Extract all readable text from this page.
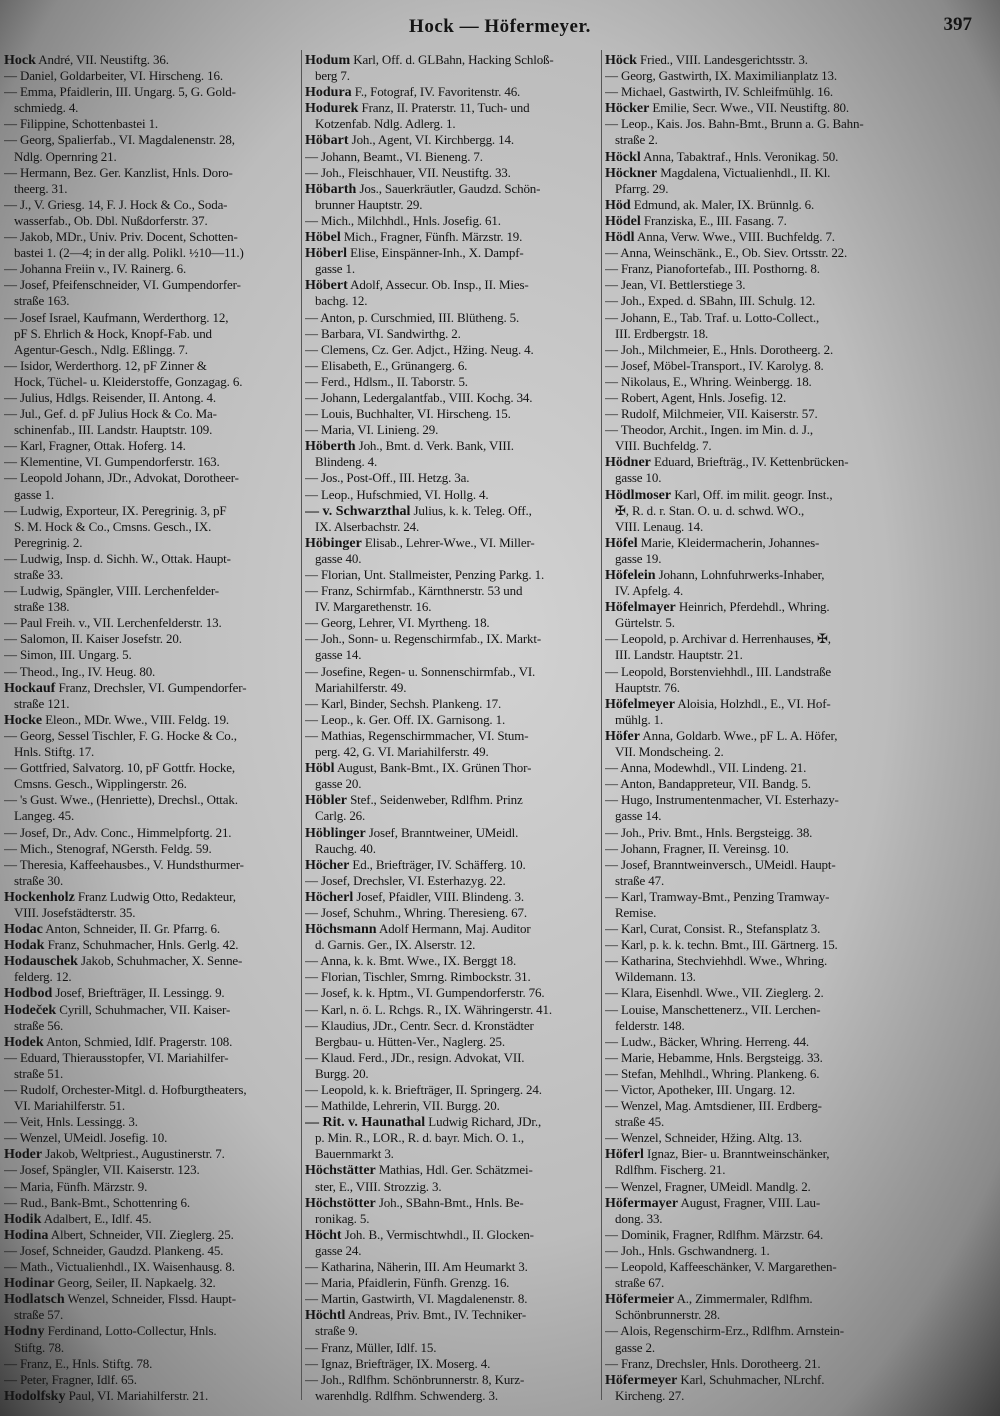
Hock — Höfermeyer.	397
Hock André, VII. Neustiftg. 36.
— Daniel, Goldarbeiter, VI. Hirscheng. 16.
— Emma, Pfaidlerin, III. Ungarg. 5, G. Gold-
schmiedg. 4.
— Filippine, Schottenbastei 1.
— Georg, Spalierfab., VI. Magdalenenstr. 28,
Ndlg. Opernring 21.
— Hermann, Bez. Ger. Kanzlist, Hnls. Doro-
theerg. 31.
— J., V. Griesg. 14, F. J. Hock & Co., Soda-
wasserfab., Ob. Dbl. Nußdorferstr. 37.
— Jakob, MDr., Univ. Priv. Docent, Schotten-
bastei 1. (2—4; in der allg. Polikl. ½10—11.)
— Johanna Freiin v., IV. Rainerg. 6.
— Josef, Pfeifenschneider, VI. Gumpendorfer-
straße 163.
— Josef Israel, Kaufmann, Werderthorg. 12,
pF S. Ehrlich & Hock, Knopf-Fab. und
Agentur-Gesch., Ndlg. Eßlingg. 7.
— Isidor, Werderthorg. 12, pF Zinner &
Hock, Tüchel- u. Kleiderstoffe, Gonzagag. 6.
— Julius, Hdlgs. Reisender, II. Antong. 4.
— Jul., Gef. d. pF Julius Hock & Co. Ma-
schinenfab., III. Landstr. Hauptstr. 109.
— Karl, Fragner, Ottak. Hoferg. 14.
— Klementine, VI. Gumpendorferstr. 163.
— Leopold Johann, JDr., Advokat, Dorotheer-
gasse 1.
— Ludwig, Exporteur, IX. Peregrinig. 3, pF
S. M. Hock & Co., Cmsns. Gesch., IX.
Peregrinig. 2.
— Ludwig, Insp. d. Sichh. W., Ottak. Haupt-
straße 33.
— Ludwig, Spängler, VIII. Lerchenfelder-
straße 138.
— Paul Freih. v., VII. Lerchenfelderstr. 13.
— Salomon, II. Kaiser Josefstr. 20.
— Simon, III. Ungarg. 5.
— Theod., Ing., IV. Heug. 80.
Hockauf Franz, Drechsler, VI. Gumpendorfer-
straße 121.
Hocke Eleon., MDr. Wwe., VIII. Feldg. 19.
— Georg, Sessel Tischler, F. G. Hocke & Co.,
Hnls. Stiftg. 17.
— Gottfried, Salvatorg. 10, pF Gottfr. Hocke,
Cmsns. Gesch., Wipplingerstr. 26.
— 's Gust. Wwe., (Henriette), Drechsl., Ottak.
Langeg. 45.
— Josef, Dr., Adv. Conc., Himmelpfortg. 21.
— Mich., Stenograf, NGersth. Feldg. 59.
— Theresia, Kaffeehausbes., V. Hundsthurmer-
straße 30.
Hockenholz Franz Ludwig Otto, Redakteur,
VIII. Josefstädterstr. 35.
Hodac Anton, Schneider, II. Gr. Pfarrg. 6.
Hodak Franz, Schuhmacher, Hnls. Gerlg. 42.
Hodauschek Jakob, Schuhmacher, X. Senne-
felderg. 12.
Hodbod Josef, Briefträger, II. Lessingg. 9.
Hodeček Cyrill, Schuhmacher, VII. Kaiser-
straße 56.
Hodek Anton, Schmied, Idlf. Pragerstr. 108.
— Eduard, Thierausstopfer, VI. Mariahilfer-
straße 51.
— Rudolf, Orchester-Mitgl. d. Hofburgtheaters,
VI. Mariahilferstr. 51.
— Veit, Hnls. Lessingg. 3.
— Wenzel, UMeidl. Josefig. 10.
Hoder Jakob, Weltpriest., Augustinerstr. 7.
— Josef, Spängler, VII. Kaiserstr. 123.
— Maria, Fünfh. Märzstr. 9.
— Rud., Bank-Bmt., Schottenring 6.
Hodik Adalbert, E., Idlf. 45.
Hodina Albert, Schneider, VII. Zieglerg. 25.
— Josef, Schneider, Gaudzd. Plankeng. 45.
— Math., Victualienhdl., IX. Waisenhausg. 8.
Hodinar Georg, Seiler, II. Napkaelg. 32.
Hodlatsch Wenzel, Schneider, Flssd. Haupt-
straße 57.
Hodny Ferdinand, Lotto-Collectur, Hnls.
Stiftg. 78.
— Franz, E., Hnls. Stiftg. 78.
— Peter, Fragner, Idlf. 65.
Hodolfsky Paul, VI. Mariahilferstr. 21.
Hodum Karl, Off. d. GLBahn, Hacking Schloß-
berg 7.
Hodura F., Fotograf, IV. Favoritenstr. 46.
Hodurek Franz, II. Praterstr. 11, Tuch- und
Kotzenfab. Ndlg. Adlerg. 1.
Höbart Joh., Agent, VI. Kirchbergg. 14.
— Johann, Beamt., VI. Bieneng. 7.
— Joh., Fleischhauer, VII. Neustiftg. 33.
Höbarth Jos., Sauerkräutler, Gaudzd. Schön-
brunner Hauptstr. 29.
— Mich., Milchhdl., Hnls. Josefig. 61.
Höbel Mich., Fragner, Fünfh. Märzstr. 19.
Höberl Elise, Einspänner-Inh., X. Dampf-
gasse 1.
Höbert Adolf, Assecur. Ob. Insp., II. Mies-
bachg. 12.
— Anton, p. Curschmied, III. Blütheng. 5.
— Barbara, VI. Sandwirthg. 2.
— Clemens, Cz. Ger. Adjct., Hžing. Neug. 4.
— Elisabeth, E., Grünangerg. 6.
— Ferd., Hdlsm., II. Taborstr. 5.
— Johann, Ledergalantfab., VIII. Kochg. 34.
— Louis, Buchhalter, VI. Hirscheng. 15.
— Maria, VI. Linieng. 29.
Höberth Joh., Bmt. d. Verk. Bank, VIII.
Blindeng. 4.
— Jos., Post-Off., III. Hetzg. 3a.
— Leop., Hufschmied, VI. Hollg. 4.
— v. Schwarzthal Julius, k. k. Teleg. Off.,
IX. Alserbachstr. 24.
Höbinger Elisab., Lehrer-Wwe., VI. Miller-
gasse 40.
— Florian, Unt. Stallmeister, Penzing Parkg. 1.
— Franz, Schirmfab., Kärnthnerstr. 53 und
IV. Margarethenstr. 16.
— Georg, Lehrer, VI. Myrtheng. 18.
— Joh., Sonn- u. Regenschirmfab., IX. Markt-
gasse 14.
— Josefine, Regen- u. Sonnenschirmfab., VI.
Mariahilferstr. 49.
— Karl, Binder, Sechsh. Plankeng. 17.
— Leop., k. Ger. Off. IX. Garnisong. 1.
— Mathias, Regenschirmmacher, VI. Stum-
perg. 42, G. VI. Mariahilferstr. 49.
Höbl August, Bank-Bmt., IX. Grünen Thor-
gasse 20.
Höbler Stef., Seidenweber, Rdlfhm. Prinz
Carlg. 26.
Höblinger Josef, Branntweiner, UMeidl.
Rauchg. 40.
Höcher Ed., Briefträger, IV. Schäfferg. 10.
— Josef, Drechsler, VI. Esterhazyg. 22.
Höcherl Josef, Pfaidler, VIII. Blindeng. 3.
— Josef, Schuhm., Whring. Theresieng. 67.
Höchsmann Adolf Hermann, Maj. Auditor
d. Garnis. Ger., IX. Alserstr. 12.
— Anna, k. k. Bmt. Wwe., IX. Berggt 18.
— Florian, Tischler, Smrng. Rimbockstr. 31.
— Josef, k. k. Hptm., VI. Gumpendorferstr. 76.
— Karl, n. ö. L. Rchgs. R., IX. Währingerstr. 41.
— Klaudius, JDr., Centr. Secr. d. Kronstädter
Bergbau- u. Hütten-Ver., Naglerg. 25.
— Klaud. Ferd., JDr., resign. Advokat, VII.
Burgg. 20.
— Leopold, k. k. Briefträger, II. Springerg. 24.
— Mathilde, Lehrerin, VII. Burgg. 20.
— Rit. v. Haunathal Ludwig Richard, JDr.,
p. Min. R., LOR., R. d. bayr. Mich. O. 1.,
Bauernmarkt 3.
Höchstätter Mathias, Hdl. Ger. Schätzmei-
ster, E., VIII. Strozzig. 3.
Höchstötter Joh., SBahn-Bmt., Hnls. Be-
ronikag. 5.
Höcht Joh. B., Vermischtwhdl., II. Glocken-
gasse 24.
— Katharina, Näherin, III. Am Heumarkt 3.
— Maria, Pfaidlerin, Fünfh. Grenzg. 16.
— Martin, Gastwirth, VI. Magdalenenstr. 8.
Höchtl Andreas, Priv. Bmt., IV. Techniker-
straße 9.
— Franz, Müller, Idlf. 15.
— Ignaz, Briefträger, IX. Moserg. 4.
— Joh., Rdlfhm. Schönbrunnerstr. 8, Kurz-
warenhdlg. Rdlfhm. Schwenderg. 3.
Höck Fried., VIII. Landesgerichtsstr. 3.
— Georg, Gastwirth, IX. Maximilianplatz 13.
— Michael, Gastwirth, IV. Schleifmühlg. 16.
Höcker Emilie, Secr. Wwe., VII. Neustiftg. 80.
— Leop., Kais. Jos. Bahn-Bmt., Brunn a. G. Bahn-
straße 2.
Höckl Anna, Tabaktraf., Hnls. Veronikag. 50.
Höckner Magdalena, Victualienhdl., II. Kl.
Pfarrg. 29.
Höd Edmund, ak. Maler, IX. Brünnlg. 6.
Hödel Franziska, E., III. Fasang. 7.
Hödl Anna, Verw. Wwe., VIII. Buchfeldg. 7.
— Anna, Weinschänk., E., Ob. Siev. Ortsstr. 22.
— Franz, Pianofortefab., III. Posthorng. 8.
— Jean, VI. Bettlerstiege 3.
— Joh., Exped. d. SBahn, III. Schulg. 12.
— Johann, E., Tab. Traf. u. Lotto-Collect.,
III. Erdbergstr. 18.
— Joh., Milchmeier, E., Hnls. Dorotheerg. 2.
— Josef, Möbel-Transport., IV. Karolyg. 8.
— Nikolaus, E., Whring. Weinbergg. 18.
— Robert, Agent, Hnls. Josefig. 12.
— Rudolf, Milchmeier, VII. Kaiserstr. 57.
— Theodor, Archit., Ingen. im Min. d. J.,
VIII. Buchfeldg. 7.
Hödner Eduard, Briefträg., IV. Kettenbrücken-
gasse 10.
Hödlmoser Karl, Off. im milit. geogr. Inst.,
✠, R. d. r. Stan. O. u. d. schwd. WO.,
VIII. Lenaug. 14.
Höfel Marie, Kleidermacherin, Johannes-
gasse 19.
Höfelein Johann, Lohnfuhrwerks-Inhaber,
IV. Apfelg. 4.
Höfelmayer Heinrich, Pferdehdl., Whring.
Gürtelstr. 5.
— Leopold, p. Archivar d. Herrenhauses, ✠,
III. Landstr. Hauptstr. 21.
— Leopold, Borstenviehhdl., III. Landstraße
Hauptstr. 76.
Höfelmeyer Aloisia, Holzhdl., E., VI. Hof-
mühlg. 1.
Höfer Anna, Goldarb. Wwe., pF L. A. Höfer,
VII. Mondscheing. 2.
— Anna, Modewhdl., VII. Lindeng. 21.
— Anton, Bandappreteur, VII. Bandg. 5.
— Hugo, Instrumentenmacher, VI. Esterhazy-
gasse 14.
— Joh., Priv. Bmt., Hnls. Bergsteigg. 38.
— Johann, Fragner, II. Vereinsg. 10.
— Josef, Branntweinversch., UMeidl. Haupt-
straße 47.
— Karl, Tramway-Bmt., Penzing Tramway-
Remise.
— Karl, Curat, Consist. R., Stefansplatz 3.
— Karl, p. k. k. techn. Bmt., III. Gärtnerg. 15.
— Katharina, Stechviehhdl. Wwe., Whring.
Wildemann. 13.
— Klara, Eisenhdl. Wwe., VII. Zieglerg. 2.
— Louise, Manschettenerz., VII. Lerchen-
felderstr. 148.
— Ludw., Bäcker, Whring. Herreng. 44.
— Marie, Hebamme, Hnls. Bergsteigg. 33.
— Stefan, Mehlhdl., Whring. Plankeng. 6.
— Victor, Apotheker, III. Ungarg. 12.
— Wenzel, Mag. Amtsdiener, III. Erdberg-
straße 45.
— Wenzel, Schneider, Hžing. Altg. 13.
Höferl Ignaz, Bier- u. Branntweinschänker,
Rdlfhm. Fischerg. 21.
— Wenzel, Fragner, UMeidl. Mandlg. 2.
Höfermayer August, Fragner, VIII. Lau-
dong. 33.
— Dominik, Fragner, Rdlfhm. Märzstr. 64.
— Joh., Hnls. Gschwandnerg. 1.
— Leopold, Kaffeeschänker, V. Margarethen-
straße 67.
Höfermeier A., Zimmermaler, Rdlfhm.
Schönbrunnerstr. 28.
— Alois, Regenschirm-Erz., Rdlfhm. Arnstein-
gasse 2.
— Franz, Drechsler, Hnls. Dorotheerg. 21.
Höfermeyer Karl, Schuhmacher, NLrchf.
Kircheng. 27.
